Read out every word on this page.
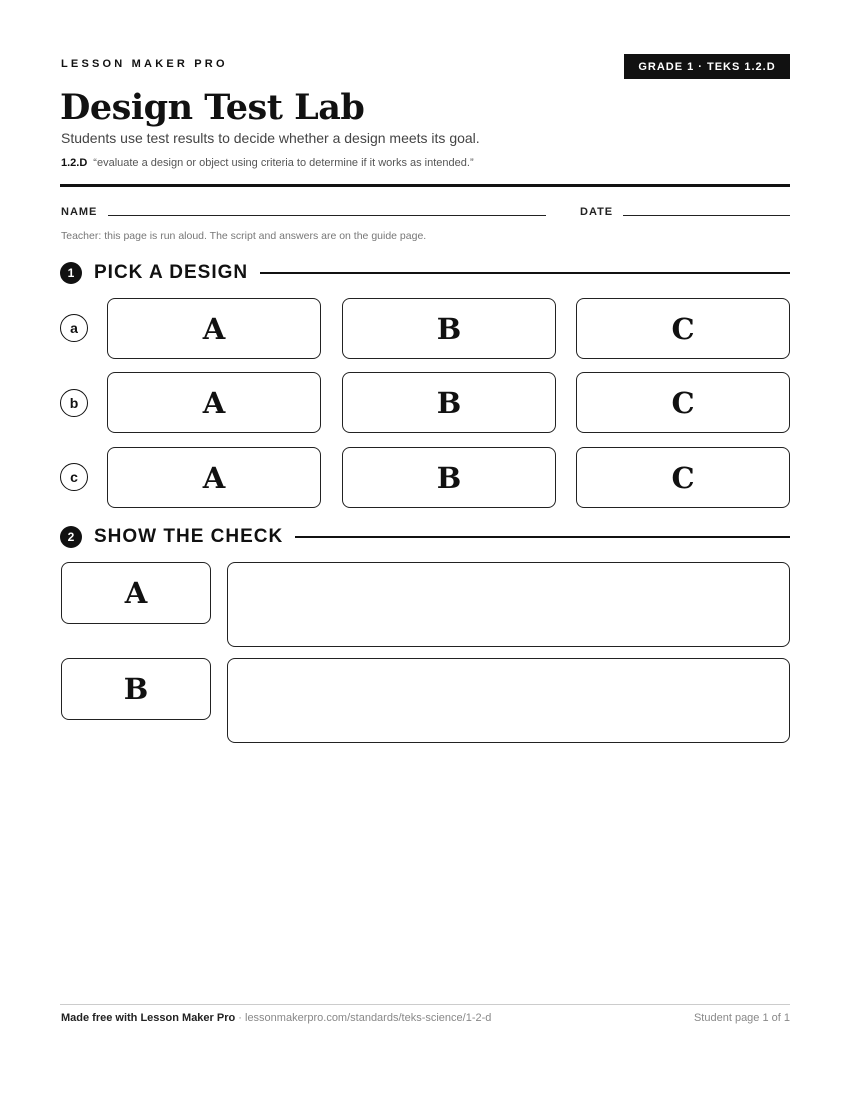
LESSON MAKER PRO	GRADE 1 · TEKS 1.2.D
Design Test Lab
Students use test results to decide whether a design meets its goal.
1.2.D “evaluate a design or object using criteria to determine if it works as intended.”
NAME	DATE
Teacher: this page is run aloud. The script and answers are on the guide page.
1	PICK A DESIGN
a	A	B	C
b	A	B	C
c	A	B	C
2	SHOW THE CHECK
A
B
Made free with Lesson Maker Pro · lessonmakerpro.com/standards/teks-science/1-2-d	Student page 1 of 1
